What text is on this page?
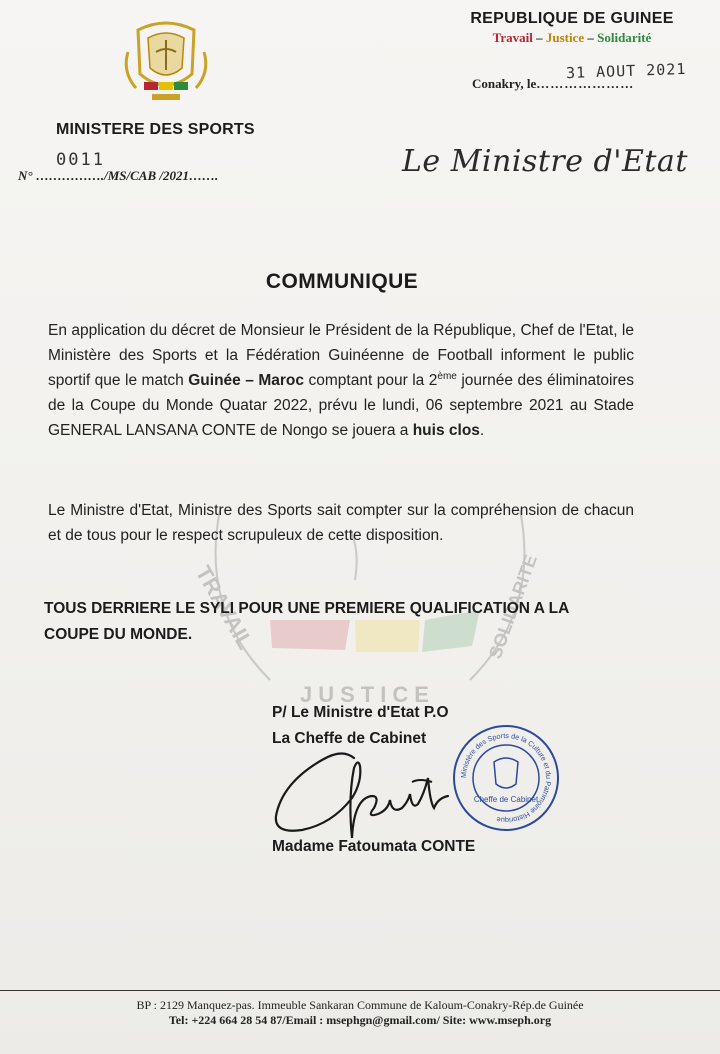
REPUBLIQUE DE GUINEE
Travail – Justice – Solidarité
31 AOUT 2021
Conakry, le…………………
MINISTERE DES SPORTS
0011
N° ……………./MS/CAB /2021…….	Le Ministre d'Etat
TRAVAIL
JUSTICE
SOLIDARITE
COMMUNIQUE
En application du décret de Monsieur le Président de la République, Chef de l'Etat, le Ministère des Sports et la Fédération Guinéenne de Football informent le public sportif que le match Guinée – Maroc comptant pour la 2ème journée des éliminatoires de la Coupe du Monde Quatar 2022, prévu le lundi, 06 septembre 2021 au Stade GENERAL LANSANA CONTE de Nongo se jouera a huis clos.
Le Ministre d'Etat, Ministre des Sports sait compter sur la compréhension de chacun et de tous pour le respect scrupuleux de cette disposition.
TOUS DERRIERE LE SYLI POUR UNE PREMIERE QUALIFICATION A LA
COUPE DU MONDE.
P/ Le Ministre d'Etat P.O
La Cheffe de Cabinet
Ministère des Sports de la Culture et du Patrimoine Historique
Cheffe de Cabinet
Madame Fatoumata CONTE
BP : 2129 Manquez-pas. Immeuble Sankaran Commune de Kaloum-Conakry-Rép.de Guinée
Tel: +224 664 28 54 87/Email : msephgn@gmail.com/ Site: www.mseph.org
